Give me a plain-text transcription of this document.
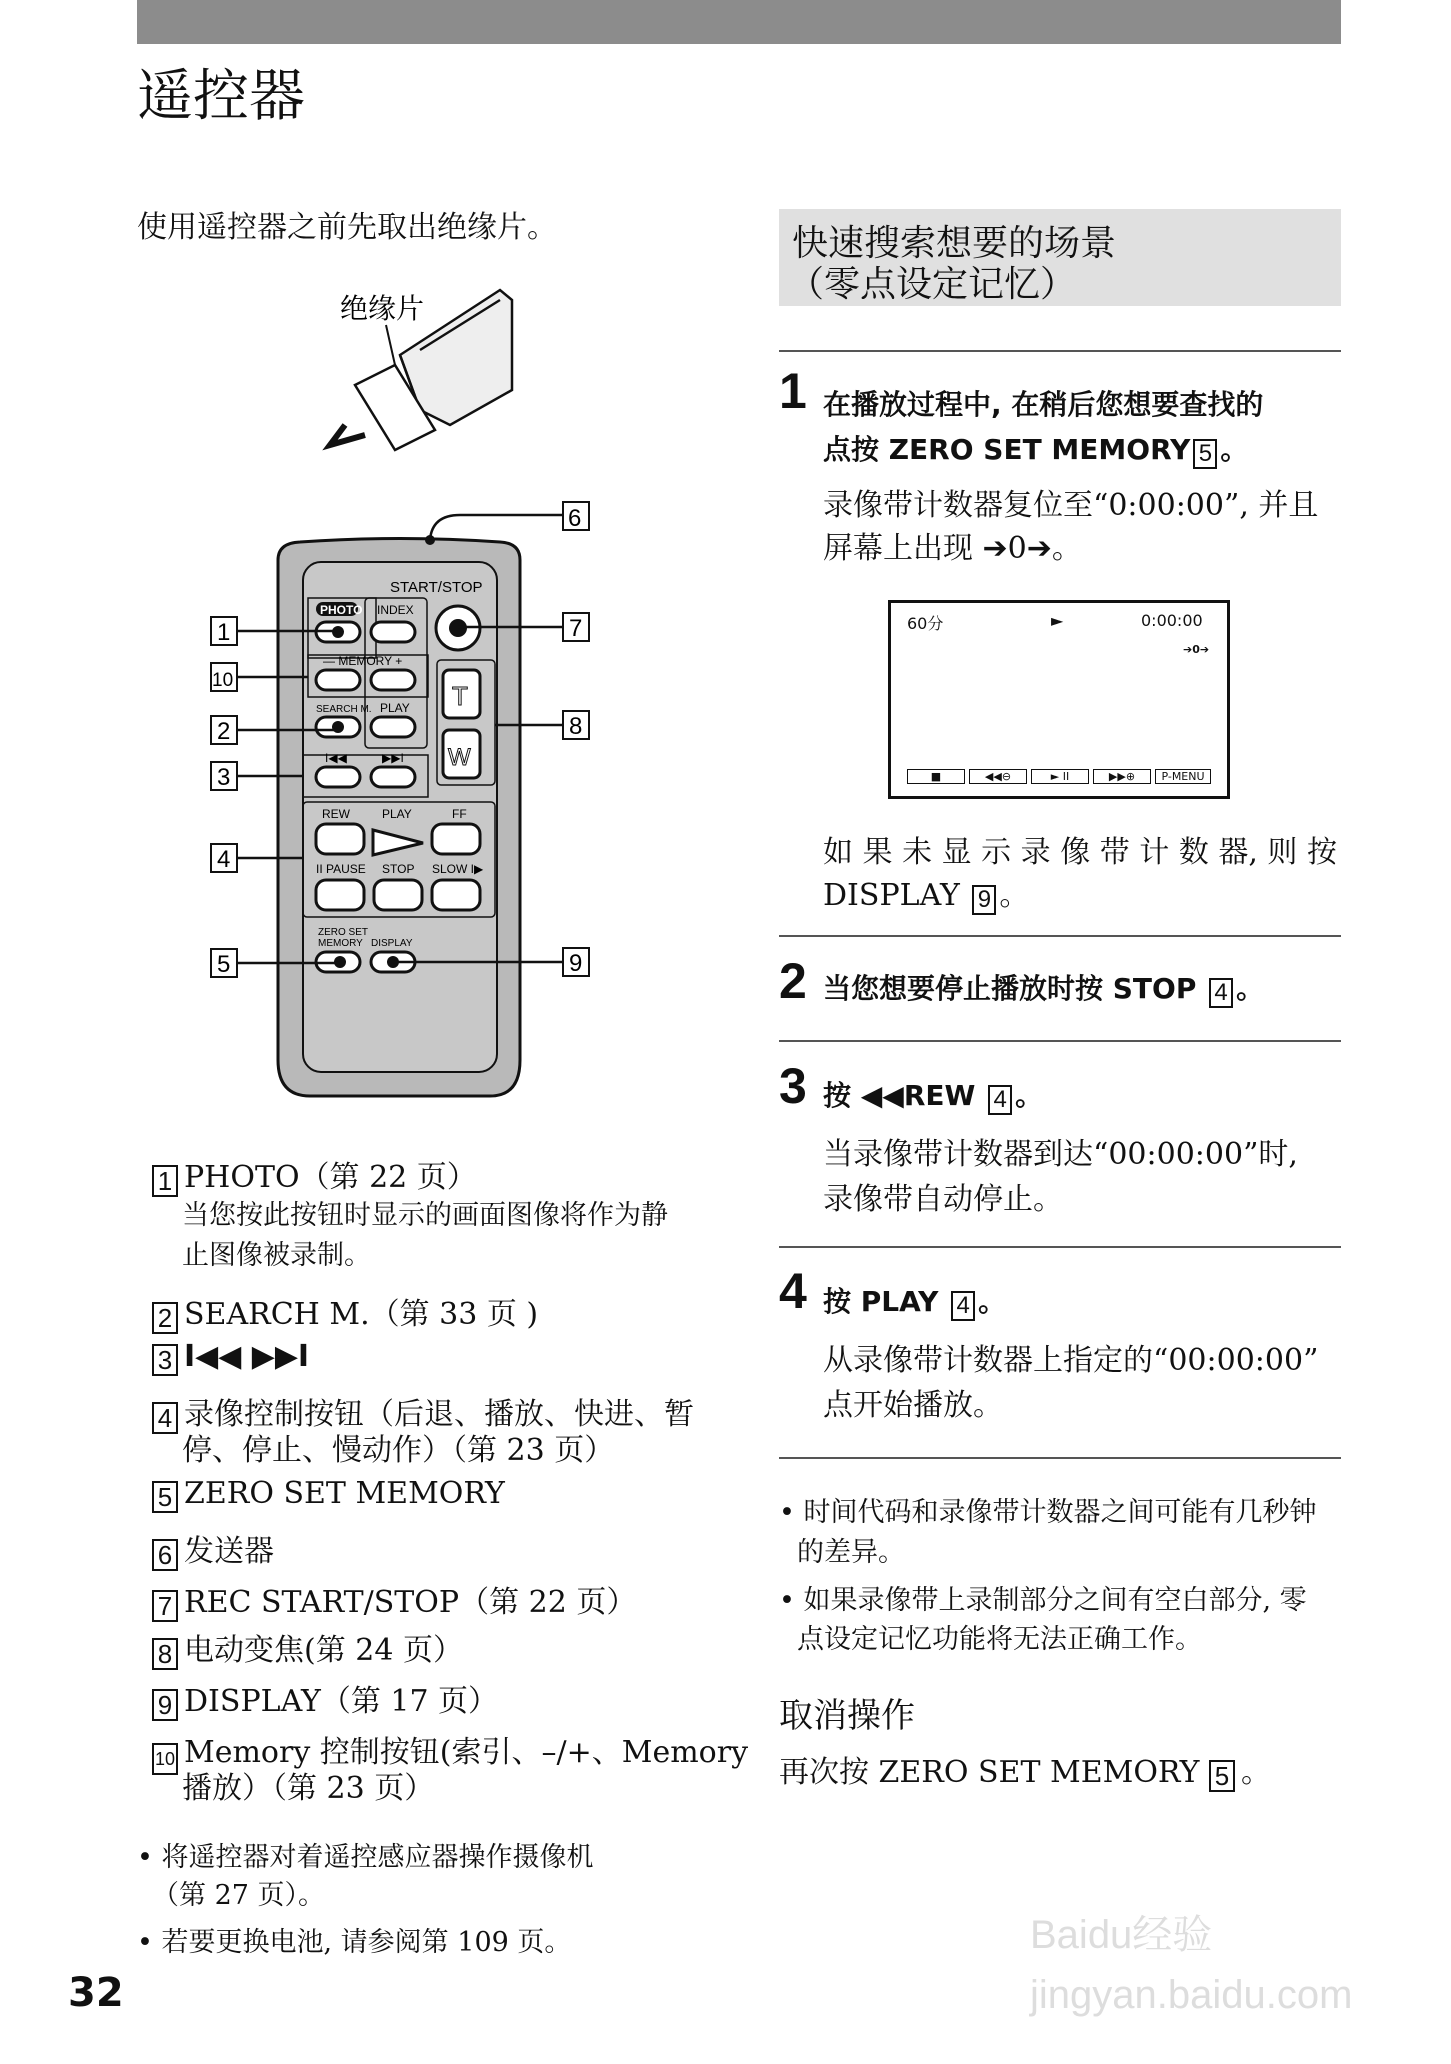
遥控器
使用遥控器之前先取出绝缘片。
绝缘片
6
START/STOP
PHOTO INDEX
— MEMORY +
SEARCH M. PLAY
I◀◀	▶▶I
REW	PLAY	FF
II PAUSE STOP SLOW I▶
ZERO SET
MEMORY DISPLAY
T
W
1
10
2
3
4
5
7
8
9
1 PHOTO（第 22 页）
当您按此按钮时显示的画面图像将作为静
止图像被录制。
2 SEARCH M.（第 33 页 )
3 I◀◀ ▶▶I
4 录像控制按钮（后退、播放、快进、暂
停、停止、慢动作）（第 23 页）
5 ZERO SET MEMORY
6 发送器
7 REC START/STOP（第 22 页）
8 电动变焦(第 24 页）
9 DISPLAY（第 17 页）
10 Memory 控制按钮(索引、–/+、Memory
播放）（第 23 页）
• 将遥控器对着遥控感应器操作摄像机
（第 27 页）。
• 若要更换电池, 请参阅第 109 页。
32
快速搜索想要的场景
（零点设定记忆）
1 在播放过程中, 在稍后您想要查找的
点按 ZERO SET MEMORY 5 。
录像带计数器复位至“0:00:00”, 并且
屏幕上出现 ➔0➔。
60分	►	0:00:00
➔0➔
■	◀◀⊖	► II	▶▶⊕	P-MENU
如 果 未 显 示 录 像 带 计 数 器, 则 按
DISPLAY 9 。
2 当您想要停止播放时按 STOP 4 。
3 按 ◀◀REW 4 。
当录像带计数器到达“00:00:00”时,
录像带自动停止。
4 按 PLAY 4 。
从录像带计数器上指定的“00:00:00”
点开始播放。
• 时间代码和录像带计数器之间可能有几秒钟
的差异。
• 如果录像带上录制部分之间有空白部分, 零
点设定记忆功能将无法正确工作。
取消操作
再次按 ZERO SET MEMORY 5 。
Baidu经验 jingyan.baidu.com
